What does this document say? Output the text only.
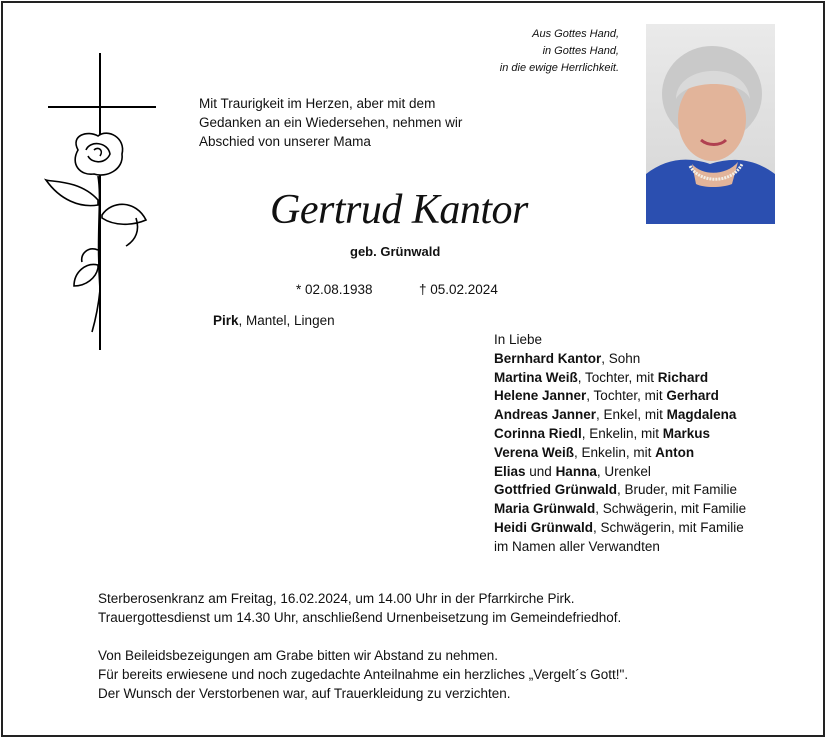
Aus Gottes Hand,
in Gottes Hand,
in die ewige Herrlichkeit.
Mit Traurigkeit im Herzen, aber mit dem
Gedanken an ein Wiedersehen, nehmen wir
Abschied von unserer Mama
Gertrud Kantor
geb. Grünwald
* 02.08.1938	† 05.02.2024
Pirk, Mantel, Lingen
In Liebe
Bernhard Kantor, Sohn
Martina Weiß, Tochter, mit Richard
Helene Janner, Tochter, mit Gerhard
Andreas Janner, Enkel, mit Magdalena
Corinna Riedl, Enkelin, mit Markus
Verena Weiß, Enkelin, mit Anton
Elias und Hanna, Urenkel
Gottfried Grünwald, Bruder, mit Familie
Maria Grünwald, Schwägerin, mit Familie
Heidi Grünwald, Schwägerin, mit Familie
im Namen aller Verwandten
Sterberosenkranz am Freitag, 16.02.2024, um 14.00 Uhr in der Pfarrkirche Pirk.
Trauergottesdienst um 14.30 Uhr, anschließend Urnenbeisetzung im Gemeindefriedhof.
Von Beileidsbezeigungen am Grabe bitten wir Abstand zu nehmen.
Für bereits erwiesene und noch zugedachte Anteilnahme ein herzliches „Vergelt´s Gott!".
Der Wunsch der Verstorbenen war, auf Trauerkleidung zu verzichten.
